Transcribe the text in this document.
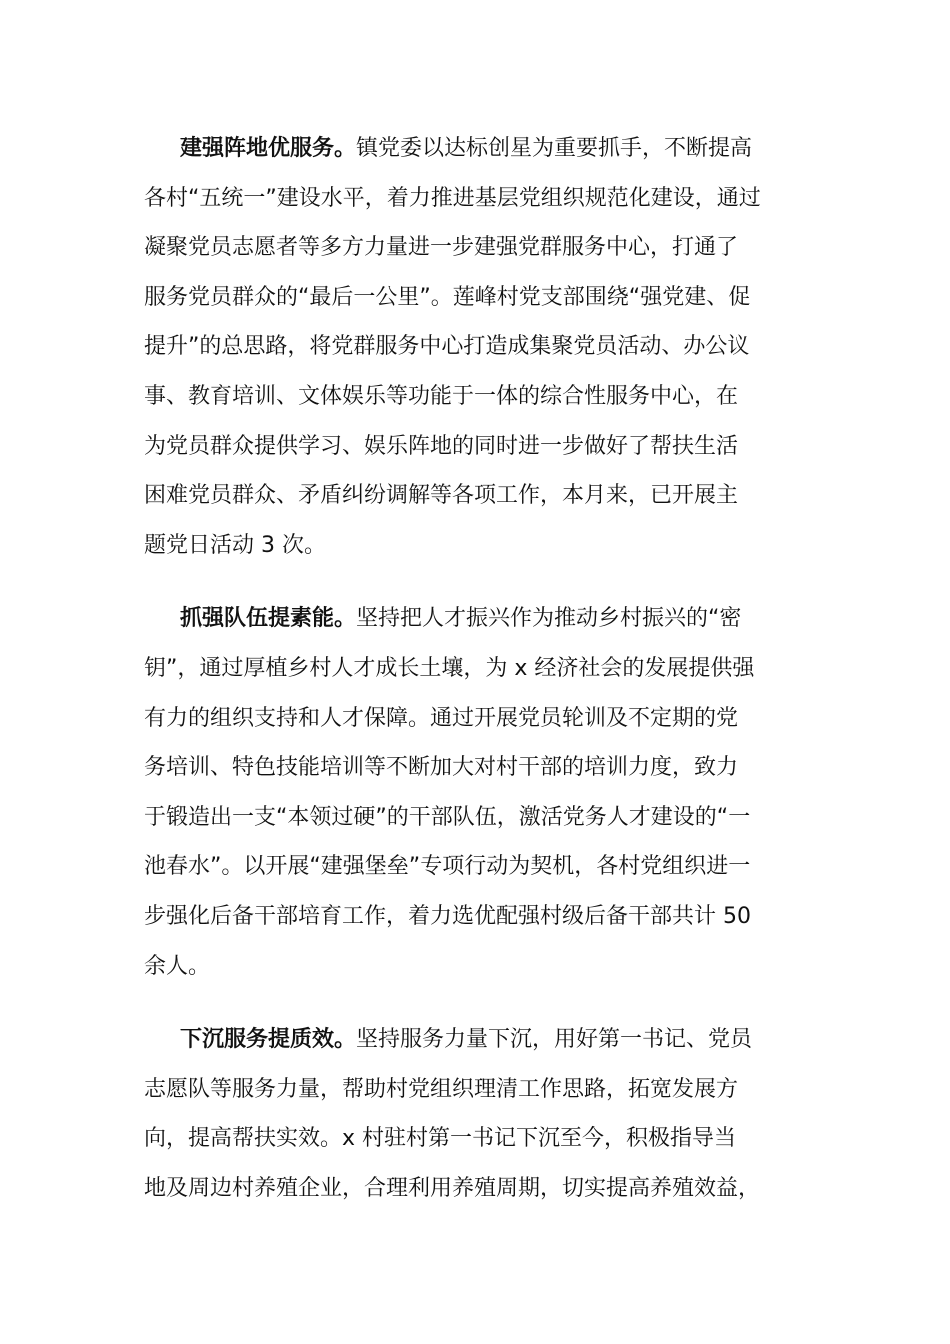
建强阵地优服务。镇党委以达标创星为重要抓手，不断提高
各村“五统一”建设水平，着力推进基层党组织规范化建设，通过
凝聚党员志愿者等多方力量进一步建强党群服务中心，打通了
服务党员群众的“最后一公里”。莲峰村党支部围绕“强党建、促
提升”的总思路，将党群服务中心打造成集聚党员活动、办公议
事、教育培训、文体娱乐等功能于一体的综合性服务中心，在
为党员群众提供学习、娱乐阵地的同时进一步做好了帮扶生活
困难党员群众、矛盾纠纷调解等各项工作，本月来，已开展主
题党日活动 3 次。
抓强队伍提素能。坚持把人才振兴作为推动乡村振兴的“密
钥”，通过厚植乡村人才成长土壤，为 x 经济社会的发展提供强
有力的组织支持和人才保障。通过开展党员轮训及不定期的党
务培训、特色技能培训等不断加大对村干部的培训力度，致力
于锻造出一支“本领过硬”的干部队伍，激活党务人才建设的“一
池春水”。以开展“建强堡垒”专项行动为契机，各村党组织进一
步强化后备干部培育工作，着力选优配强村级后备干部共计 50
余人。
下沉服务提质效。坚持服务力量下沉，用好第一书记、党员
志愿队等服务力量，帮助村党组织理清工作思路，拓宽发展方
向，提高帮扶实效。x 村驻村第一书记下沉至今，积极指导当
地及周边村养殖企业，合理利用养殖周期，切实提高养殖效益，
